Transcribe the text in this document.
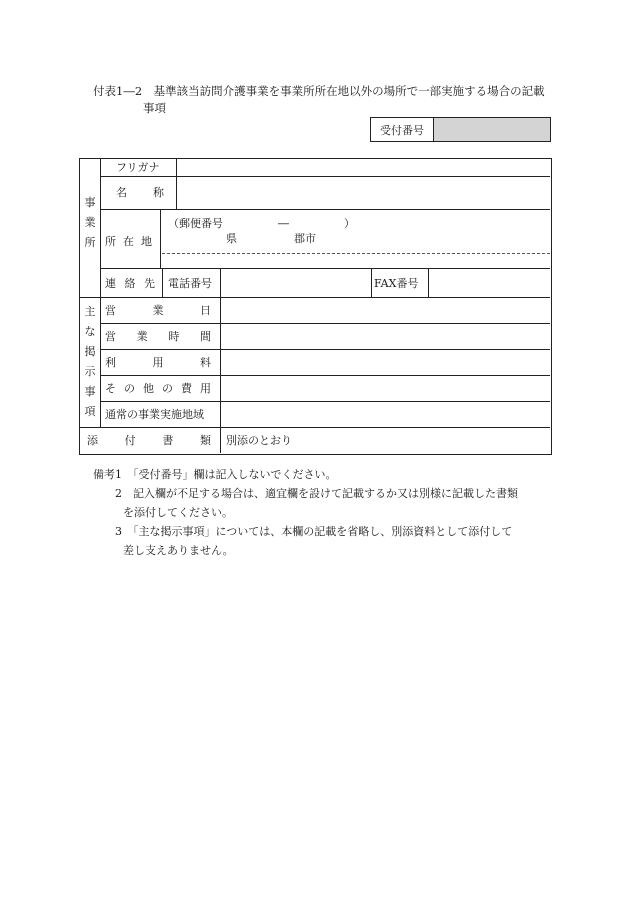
付表1―2　基準該当訪問介護事業を事業所所在地以外の場所で一部実施する場合の記載
事項
受付番号
事
業
所
フリガナ
名 称
所 在 地
（郵便番号　　　　　―　　　　　）
県	郡市
連 絡 先 電話番号	FAX番号
主
な
掲
示
事
項
営	業	日
営 業 時 間
利	用	料
そ の 他 の 費 用
通常の事業実施地域
添 付 書 類 別添のとおり
備考1　「受付番号」欄は記入しないでください。
2　記入欄が不足する場合は、適宜欄を設けて記載するか又は別様に記載した書類
を添付してください。
3　「主な掲示事項」については、本欄の記載を省略し、別添資料として添付して
差し支えありません。
